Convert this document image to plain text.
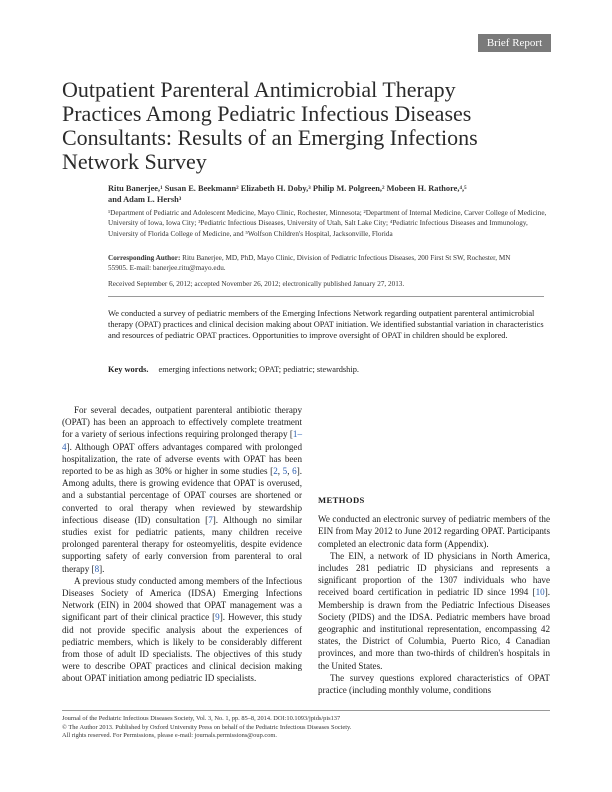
Brief Report
Outpatient Parenteral Antimicrobial Therapy Practices Among Pediatric Infectious Diseases Consultants: Results of an Emerging Infections Network Survey
Ritu Banerjee,¹ Susan E. Beekmann² Elizabeth H. Doby,³ Philip M. Polgreen,² Mobeen H. Rathore,⁴,⁵
and Adam L. Hersh³
¹Department of Pediatric and Adolescent Medicine, Mayo Clinic, Rochester, Minnesota; ²Department of Internal Medicine, Carver College of Medicine, University of Iowa, Iowa City; ³Pediatric Infectious Diseases, University of Utah, Salt Lake City; ⁴Pediatric Infectious Diseases and Immunology, University of Florida College of Medicine, and ⁵Wolfson Children's Hospital, Jacksonville, Florida
Corresponding Author: Ritu Banerjee, MD, PhD, Mayo Clinic, Division of Pediatric Infectious Diseases, 200 First St SW, Rochester, MN 55905. E-mail: banerjee.ritu@mayo.edu.
Received September 6, 2012; accepted November 26, 2012; electronically published January 27, 2013.

We conducted a survey of pediatric members of the Emerging Infections Network regarding outpatient parenteral antimicrobial therapy (OPAT) practices and clinical decision making about OPAT initiation. We identified substantial variation in characteristics and resources of pediatric OPAT practices. Opportunities to improve oversight of OPAT in children should be explored.

Key words. emerging infections network; OPAT; pediatric; stewardship.

For several decades, outpatient parenteral antibiotic therapy (OPAT) has been an approach to effectively complete treatment for a variety of serious infections requiring prolonged therapy [1–4]. Although OPAT offers advantages compared with prolonged hospitalization, the rate of adverse events with OPAT has been reported to be as high as 30% or higher in some studies [2, 5, 6]. Among adults, there is growing evidence that OPAT is overused, and a substantial percentage of OPAT courses are shortened or converted to oral therapy when reviewed by stewardship infectious disease (ID) consultation [7]. Although no similar studies exist for pediatric patients, many children receive prolonged parenteral therapy for osteomyelitis, despite evidence supporting safety of early conversion from parenteral to oral therapy [8].

A previous study conducted among members of the Infectious Diseases Society of America (IDSA) Emerging Infections Network (EIN) in 2004 showed that OPAT management was a significant part of their clinical practice [9]. However, this study did not provide specific analysis about the experiences of pediatric members, which is likely to be considerably different from those of adult ID specialists. The objectives of this study were to describe OPAT practices and clinical decision making about OPAT initiation among pediatric ID specialists.

Journal of the Pediatric Infectious Diseases Society, Vol. 3, No. 1, pp. 85–8, 2014. DOI:10.1093/jpids/pis137
© The Author 2013. Published by Oxford University Press on behalf of the Pediatric Infectious Diseases Society.
All rights reserved. For Permissions, please e-mail: journals.permissions@oup.com.
METHODS

We conducted an electronic survey of pediatric members of the EIN from May 2012 to June 2012 regarding OPAT. Participants completed an electronic data form (Appendix).

The EIN, a network of ID physicians in North America, includes 281 pediatric ID physicians and represents a significant proportion of the 1307 individuals who have received board certification in pediatric ID since 1994 [10]. Membership is drawn from the Pediatric Infectious Diseases Society (PIDS) and the IDSA. Pediatric members have broad geographic and institutional representation, encompassing 42 states, the District of Columbia, Puerto Rico, 4 Canadian provinces, and more than two-thirds of children's hospitals in the United States.

The survey questions explored characteristics of OPAT practice (including monthly volume, conditions
